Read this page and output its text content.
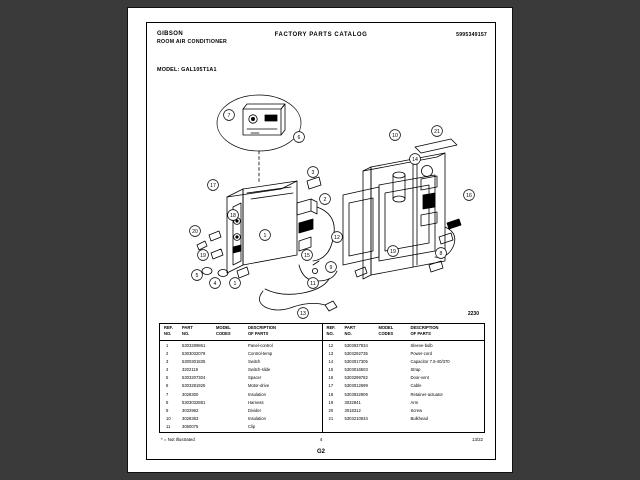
GIBSON
ROOM AIR CONDITIONER
FACTORY PARTS CATALOG	5995349157
MODEL: GAL105T1A1
7
6
3
2
17
18
20
19
5
4	1
1
15
11
13
9
12
19	8
14
21
16
10
2230
REF.
NO.
PART
NO.
MODEL
CODES
DESCRIPTION
OF PARTS
1	5303299861	Panel-control
2	5303032079	Control-temp
3	5300301835	Switch
4	3202119	Switch-slide
5	5303207304	Spacer
6	5303281925	Motor-drive
7	3028300	Insulation
8	5303032881	Harness
9	3032962	Divider
10	3028363	Insulation
11	3050075	Clip
REF.
NO.
PART
NO.
MODEL
CODES
DESCRIPTION
OF PARTS
12	5303937834	Sleeve-bulb
13	5303292735	Power-cord
14	5303017305	Capacitor 7.5-40/370
15	5303016503	Strap
16	5303299782	Door-vent
17	5303012699	Cable
18	5303932909	Retainer-actuator
19	3032841	Arm
20	3018312	Screw
21	5303210934	Bulkhead
* = Not Illustrated	4
G2
13/22
